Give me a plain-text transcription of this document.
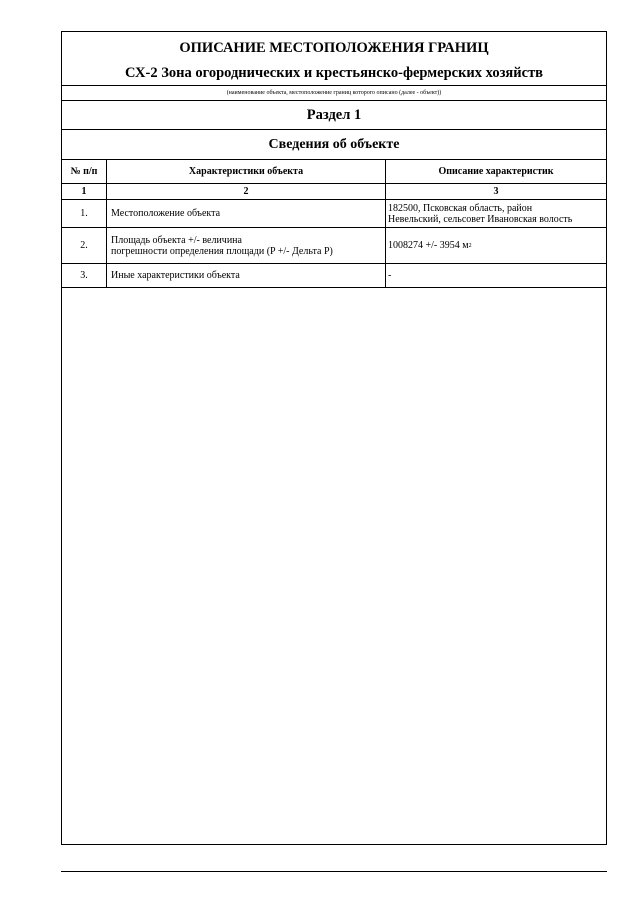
ОПИСАНИЕ МЕСТОПОЛОЖЕНИЯ ГРАНИЦ
СХ-2 Зона огороднических и крестьянско-фермерских хозяйств
(наименование объекта, местоположение границ которого описано (далее - объект))
Раздел 1
Сведения об объекте
№ п/п	Характеристики объекта	Описание характеристик
1	2	3
1.	Местоположение объекта	182500, Псковская область, район
Невельский, сельсовет Ивановская волость
2.	Площадь объекта +/- величина
погрешности определения площади (P +/- Дельта P)	1008274 +/- 3954 м 2
3.	Иные характеристики объекта	-
